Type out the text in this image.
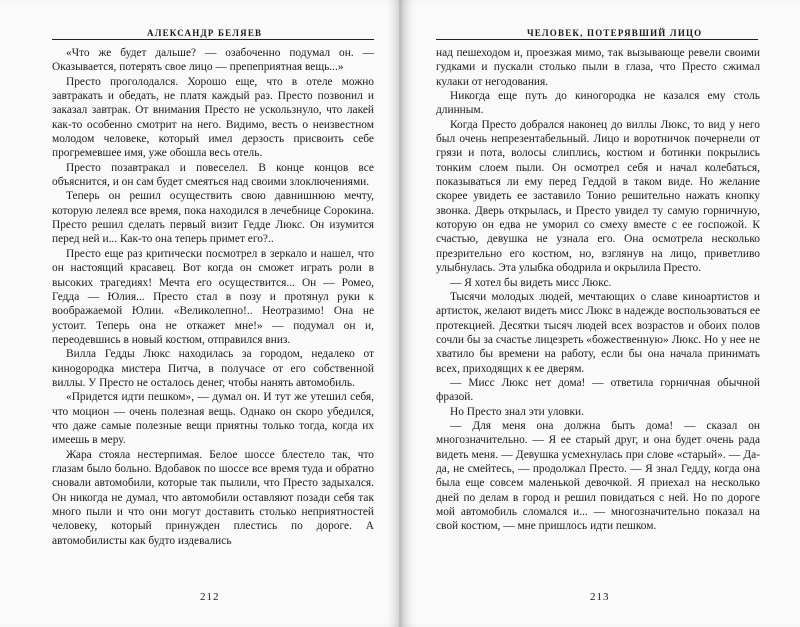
АЛЕКСАНДР БЕЛЯЕВ

«Что же будет дальше? — озабоченно подумал он. — Оказывается, потерять свое лицо — препеприятная вещь...»

Престо проголодался. Хорошо еще, что в отеле можно завтракать и обедать, не платя каждый раз. Престо позвонил и заказал завтрак. От внимания Престо не ускользнуло, что лакей как-то особенно смотрит на него. Видимо, весть о неизвестном молодом человеке, который имел дерзость присвоить себе прогремевшее имя, уже обошла весь отель.

Престо позавтракал и повеселел. В конце концов все объяснится, и он сам будет смеяться над своими злоключениями.

Теперь он решил осуществить свою давнишнюю мечту, которую лелеял все время, пока находился в лечебнице Сорокина. Престо решил сделать первый визит Гедде Люкс. Он изумится перед ней и... Как-то она теперь примет его?..

Престо еще раз критически посмотрел в зеркало и нашел, что он настоящий красавец. Вот когда он сможет играть роли в высоких трагедиях! Мечта его осуществится... Он — Ромео, Гедда — Юлия... Престо стал в позу и протянул руки к воображаемой Юлии. «Великолепно!.. Неотразимо! Она не устоит. Теперь она не откажет мне!» — подумал он и, переодевшись в новый костюм, отправился вниз.

Вилла Гедды Люкс находилась за городом, недалеко от кинogородка мистера Питча, в получасе от его собственной виллы. У Престо не осталось денег, чтобы нанять автомобиль.

«Придется идти пешком», — думал он. И тут же утешил себя, что моцион — очень полезная вещь. Однако он скоро убедился, что даже самые полезные вещи приятны только тогда, когда их имеешь в меру.

Жара стояла нестерпимая. Белое шоссе блестело так, что глазам было больно. Вдобавок по шоссе все время туда и обратно сновали автомобили, которые так пылили, что Престо задыхался. Он никогда не думал, что автомобили оставляют позади себя так много пыли и что они могут доставить столько неприятностей человеку, который принужден плестись по дороге. А автомобилисты как будто издевались

212
ЧЕЛОВЕК, ПОТЕРЯВШИЙ ЛИЦО

над пешеходом и, проезжая мимо, так вызывающе ревели своими гудками и пускали столько пыли в глаза, что Престо сжимал кулаки от негодования.

Никогда еще путь до киногородка не казался ему столь длинным.

Когда Престо добрался наконец до виллы Люкс, то вид у него был очень непрезентабельный. Лицо и воротничок почернели от грязи и пота, волосы слиплись, костюм и ботинки покрылись тонким слоем пыли. Он осмотрел себя и начал колебаться, показываться ли ему перед Геддой в таком виде. Но желание скорее увидеть ее заставило Тонио решительно нажать кнопку звонка. Дверь открылась, и Престо увидел ту самую горничную, которую он едва не уморил со смеху вместе с ее госпожой. К счастью, девушка не узнала его. Она осмотрела несколько презрительно его костюм, но, взглянув на лицо, приветливо улыбнулась. Эта улыбка ободрила и окрылила Престо.

— Я хотел бы видеть мисс Люкс.

Тысячи молодых людей, мечтающих о славе киноартистов и артисток, желают видеть мисс Люкс в надежде воспользоваться ее протекцией. Десятки тысяч людей всех возрастов и обоих полов сочли бы за счастье лицезреть «божественную» Люкс. Но у нее не хватило бы времени на работу, если бы она начала принимать всех, приходящих к ее дверям.

— Мисс Люкс нет дома! — ответила горничная обычной фразой.

Но Престо знал эти уловки.

— Для меня она должна быть дома! — сказал он многозначительно. — Я ее старый друг, и она будет очень рада видеть меня. — Девушка усмехнулась при слове «старый». — Да-да, не смейтесь, — продолжал Престо. — Я знал Гедду, когда она была еще совсем маленькой девочкой. Я приехал на несколько дней по делам в город и решил повидаться с ней. Но по дороге мой автомобиль сломался и... — многозначительно показал на свой костюм, — мне пришлось идти пешком.

213
